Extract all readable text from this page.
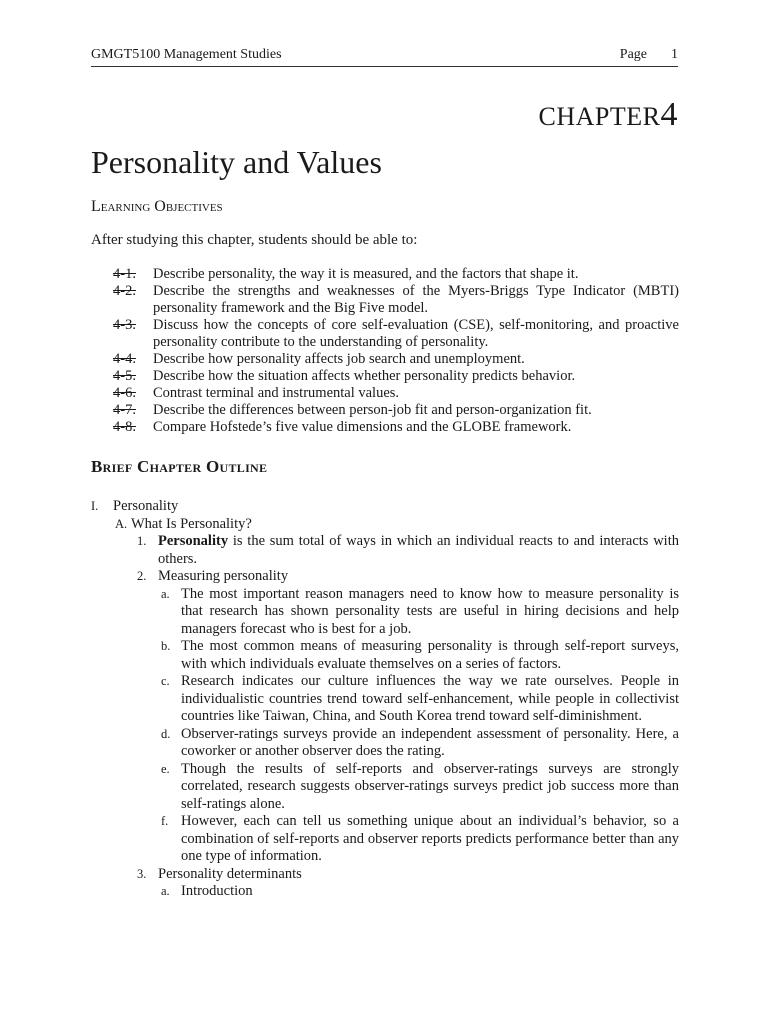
GMGT5100 Management Studies	Page 1
CHAPTER4
Personality and Values
Learning Objectives
After studying this chapter, students should be able to:
4-1. Describe personality, the way it is measured, and the factors that shape it.
4-2. Describe the strengths and weaknesses of the Myers-Briggs Type Indicator (MBTI) personality framework and the Big Five model.
4-3. Discuss how the concepts of core self-evaluation (CSE), self-monitoring, and proactive personality contribute to the understanding of personality.
4-4. Describe how personality affects job search and unemployment.
4-5. Describe how the situation affects whether personality predicts behavior.
4-6. Contrast terminal and instrumental values.
4-7. Describe the differences between person-job fit and person-organization fit.
4-8. Compare Hofstede’s five value dimensions and the GLOBE framework.
Brief Chapter Outline
I. Personality
A. What Is Personality?
1. Personality is the sum total of ways in which an individual reacts to and interacts with others.
2. Measuring personality
a. The most important reason managers need to know how to measure personality is that research has shown personality tests are useful in hiring decisions and help managers forecast who is best for a job.
b. The most common means of measuring personality is through self-report surveys, with which individuals evaluate themselves on a series of factors.
c. Research indicates our culture influences the way we rate ourselves. People in individualistic countries trend toward self-enhancement, while people in collectivist countries like Taiwan, China, and South Korea trend toward self-diminishment.
d. Observer-ratings surveys provide an independent assessment of personality. Here, a coworker or another observer does the rating.
e. Though the results of self-reports and observer-ratings surveys are strongly correlated, research suggests observer-ratings surveys predict job success more than self-ratings alone.
f. However, each can tell us something unique about an individual’s behavior, so a combination of self-reports and observer reports predicts performance better than any one type of information.
3. Personality determinants
a. Introduction
